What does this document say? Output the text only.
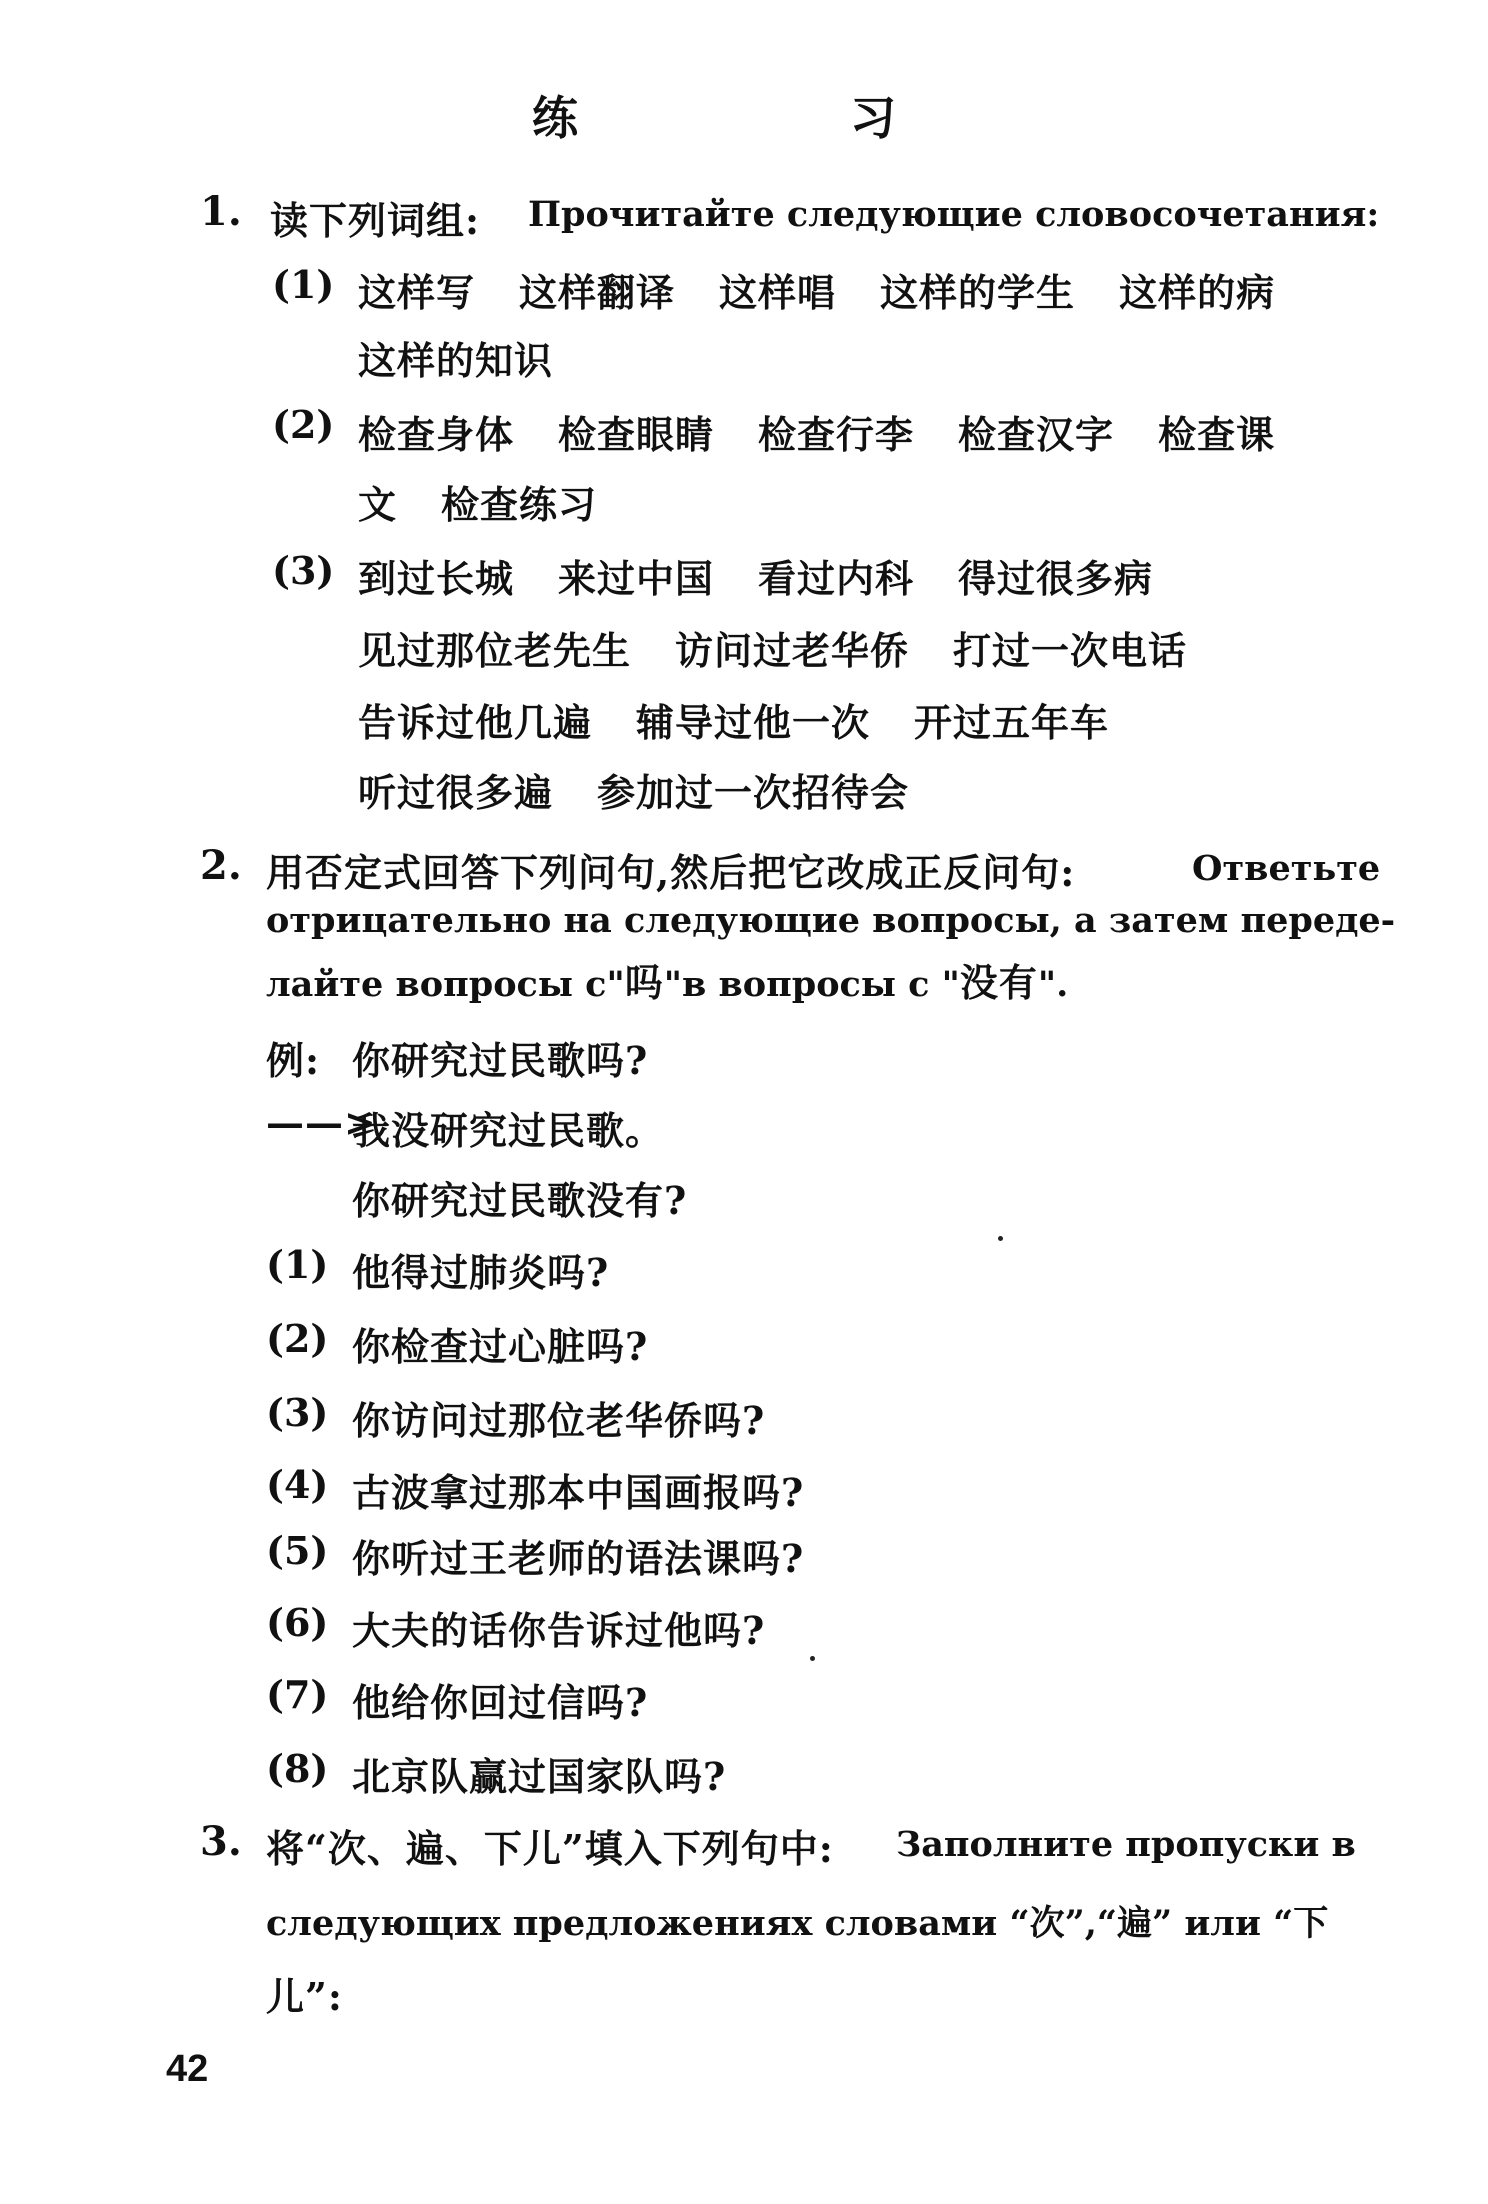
练　　习
1. 读下列词组: Прочитайте следующие словосочетания:
(1) 这样写 这样翻译 这样唱 这样的学生 这样的病
这样的知识
(2) 检查身体 检查眼睛 检查行李 检查汉字 检查课
文 检查练习
(3) 到过长城 来过中国 看过内科 得过很多病
见过那位老先生 访问过老华侨 打过一次电话
告诉过他几遍 辅导过他一次 开过五年车
听过很多遍 参加过一次招待会
2. 用否定式回答下列问句,然后把它改成正反问句:	Ответьте
отрицательно на следующие вопросы, а затем переде-
лайте вопросы с"吗"в вопросы с "没有".
例: 你研究过民歌吗?
——>
我没研究过民歌。
你研究过民歌没有?
(1) 他得过肺炎吗?
(2) 你检查过心脏吗?
(3) 你访问过那位老华侨吗?
(4) 古波拿过那本中国画报吗?
(5) 你听过王老师的语法课吗?
(6) 大夫的话你告诉过他吗?
(7) 他给你回过信吗?
(8) 北京队赢过国家队吗?
3. 将“次、遍、下儿”填入下列句中: Заполните пропуски в
следующих предложениях словами “次”,“遍” или “下
儿”:
42
